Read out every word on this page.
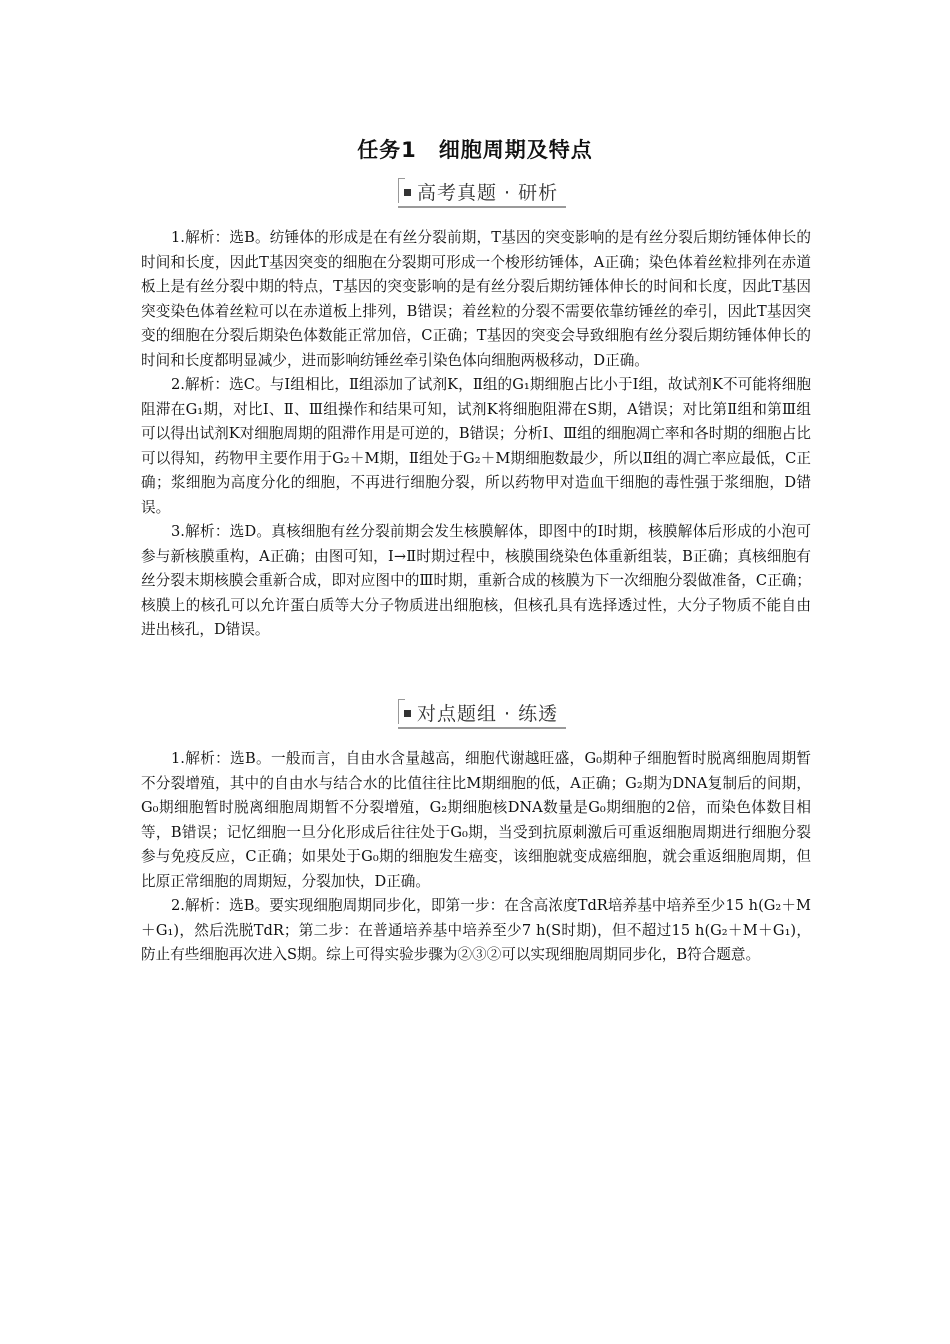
任务1　细胞周期及特点
高考真题 · 研析

1.解析：选B。纺锤体的形成是在有丝分裂前期，T基因的突变影响的是有丝分裂后期纺锤体伸长的时间和长度，因此T基因突变的细胞在分裂期可形成一个梭形纺锤体，A正确；染色体着丝粒排列在赤道板上是有丝分裂中期的特点，T基因的突变影响的是有丝分裂后期纺锤体伸长的时间和长度，因此T基因突变染色体着丝粒可以在赤道板上排列，B错误；着丝粒的分裂不需要依靠纺锤丝的牵引，因此T基因突变的细胞在分裂后期染色体数能正常加倍，C正确；T基因的突变会导致细胞有丝分裂后期纺锤体伸长的时间和长度都明显减少，进而影响纺锤丝牵引染色体向细胞两极移动，D正确。

2.解析：选C。与Ⅰ组相比，Ⅱ组添加了试剂K，Ⅱ组的G₁期细胞占比小于Ⅰ组，故试剂K不可能将细胞阻滞在G₁期，对比Ⅰ、Ⅱ、Ⅲ组操作和结果可知，试剂K将细胞阻滞在S期，A错误；对比第Ⅱ组和第Ⅲ组可以得出试剂K对细胞周期的阻滞作用是可逆的，B错误；分析Ⅰ、Ⅲ组的细胞凋亡率和各时期的细胞占比可以得知，药物甲主要作用于G₂＋M期，Ⅱ组处于G₂＋M期细胞数最少，所以Ⅱ组的凋亡率应最低，C正确；浆细胞为高度分化的细胞，不再进行细胞分裂，所以药物甲对造血干细胞的毒性强于浆细胞，D错误。

3.解析：选D。真核细胞有丝分裂前期会发生核膜解体，即图中的Ⅰ时期，核膜解体后形成的小泡可参与新核膜重构，A正确；由图可知，Ⅰ→Ⅱ时期过程中，核膜围绕染色体重新组装，B正确；真核细胞有丝分裂末期核膜会重新合成，即对应图中的Ⅲ时期，重新合成的核膜为下一次细胞分裂做准备，C正确；核膜上的核孔可以允许蛋白质等大分子物质进出细胞核，但核孔具有选择透过性，大分子物质不能自由进出核孔，D错误。

对点题组 · 练透

1.解析：选B。一般而言，自由水含量越高，细胞代谢越旺盛，G₀期种子细胞暂时脱离细胞周期暂不分裂增殖，其中的自由水与结合水的比值往往比M期细胞的低，A正确；G₂期为DNA复制后的间期，G₀期细胞暂时脱离细胞周期暂不分裂增殖，G₂期细胞核DNA数量是G₀期细胞的2倍，而染色体数目相等，B错误；记忆细胞一旦分化形成后往往处于G₀期，当受到抗原刺激后可重返细胞周期进行细胞分裂参与免疫反应，C正确；如果处于G₀期的细胞发生癌变，该细胞就变成癌细胞，就会重返细胞周期，但比原正常细胞的周期短，分裂加快，D正确。

2.解析：选B。要实现细胞周期同步化，即第一步：在含高浓度TdR培养基中培养至少15 h(G₂＋M＋G₁)，然后洗脱TdR；第二步：在普通培养基中培养至少7 h(S时期)，但不超过15 h(G₂＋M＋G₁)，防止有些细胞再次进入S期。综上可得实验步骤为②③②可以实现细胞周期同步化，B符合题意。
